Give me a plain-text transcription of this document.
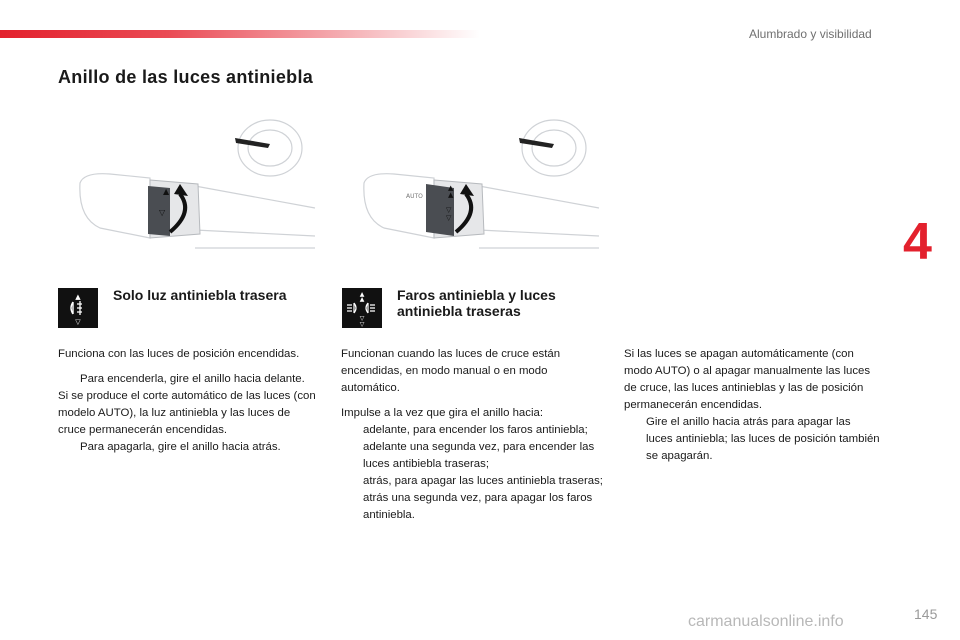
Alumbrado y visibilidad
Anillo de las luces antiniebla
4
▲
▽
AUTO
▲
▲
▽
▽
▲
▽
Solo luz antiniebla trasera

Funciona con las luces de posición encendidas.

Para encenderla, gire el anillo hacia delante.

Si se produce el corte automático de las luces (con modelo AUTO), la luz antiniebla y las luces de cruce permanecerán encendidas.

Para apagarla, gire el anillo hacia atrás.

▲
▲
▽
▽
Faros antiniebla y luces
antiniebla traseras

Funcionan cuando las luces de cruce están encendidas, en modo manual o en modo automático.

Impulse a la vez que gira el anillo hacia:

adelante, para encender los faros antiniebla;

adelante una segunda vez, para encender las luces antibiebla traseras;

atrás, para apagar las luces antiniebla traseras;

atrás una segunda vez, para apagar los faros antiniebla.

Si las luces se apagan automáticamente (con modo AUTO) o al apagar manualmente las luces de cruce, las luces antinieblas y las de posición permanecerán encendidas.

Gire el anillo hacia atrás para apagar las luces antiniebla; las luces de posición también se apagarán.

carmanualsonline.info	145
